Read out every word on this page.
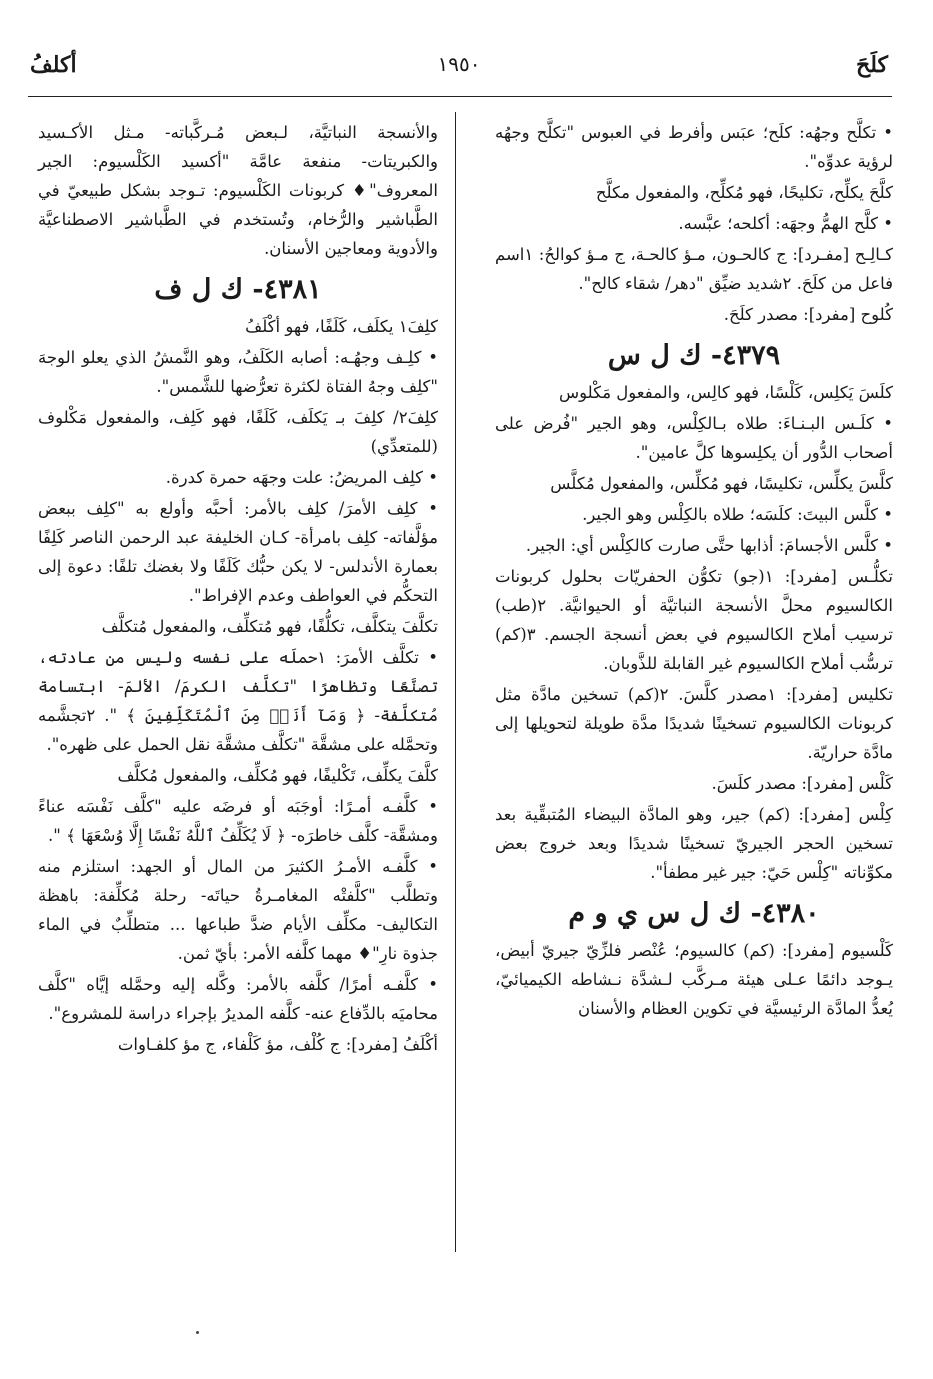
كلَحَ
١٩٥٠
أكلفُ
• تكلَّح وجهُه: كلَح؛ عبَس وأفرط في العبوس "تكلَّح وجهُه لرؤية عدوِّه".
كلَّحَ يكلِّح، تكليحًا، فهو مُكلِّح، والمفعول مكلَّح
• كلَّح الهمُّ وجهَه: أكلحه؛ عبَّسه.
كـالِـح [مفـرد]: ج كالحـون، مـؤ كالحـة، ج مـؤ كوالحُ: ١اسم فاعل من كلَحَ. ٢شديد ضيِّق "دهر/ شقاء كالح".
كُلوح [مفرد]: مصدر كلَحَ.
٤٣٧٩- ك ل س
كلَسَ يَكلِس، كَلْسًا، فهو كالِس، والمفعول مَكْلوس
• كلَـس البـنـاءَ: طلاه بـالكِلْس، وهو الجير "فُرض على أصحاب الدُّور أن يكلِسوها كلَّ عامين".
كلَّسَ يكلِّس، تكليسًا، فهو مُكلِّس، والمفعول مُكلَّس
• كلَّس البيتَ: كلَسَه؛ طلاه بالكِلْس وهو الجير.
• كلَّس الأجسامَ: أذابها حتَّى صارت كالكِلْس أي: الجير.
تكلُّـس [مفرد]: ١(جو) تكوُّن الحفريّات بحلول كربونات الكالسيوم محلَّ الأنسجة النباتيَّة أو الحيوانيَّة. ٢(طب) ترسيب أملاح الكالسيوم في بعض أنسجة الجسم. ٣(كم) ترسُّب أملاح الكالسيوم غير القابلة للذَّوبان.
تكليس [مفرد]: ١مصدر كلَّسَ. ٢(كم) تسخين مادَّة مثل كربونات الكالسيوم تسخينًا شديدًا مدَّة طويلة لتحويلها إلى مادَّة حراريّة.
كَلْس [مفرد]: مصدر كلَسَ.
كِلْس [مفرد]: (كم) جير، وهو المادَّة البيضاء المُتبقِّية بعد تسخين الحجر الجيريّ تسخينًا شديدًا وبعد خروج بعض مكوِّناته "كِلْس حَيّ: جير غير مطفأ".
٤٣٨٠- ك ل س ي و م
كَلْسيوم [مفرد]: (كم) كالسيوم؛ عُنْصر فلزِّيّ جيريّ أبيض، يـوجد دائمًا عـلى هيئة مـركَّب لـشدَّة نـشاطه الكيميائيّ، يُعدُّ المادَّة الرئيسيَّة في تكوين العظام والأسنان
والأنسجة النباتيَّة، لـبعض مُـركَّباته- مـثل الأكـسيد والكبريتات- منفعة عامَّة "أكسيد الكَلْسيوم: الجير المعروف"♦ كربونات الكَلْسيوم: تـوجد بشكل طبيعيّ في الطَّباشير والرُّخام، وتُستخدم في الطَّباشير الاصطناعيَّة والأدوية ومعاجين الأسنان.
٤٣٨١- ك ل ف
كلِفَ١ يكلَف، كَلَفًا، فهو أكْلَفُ
• كلِـف وجهُـه: أصابه الكَلَفُ، وهو النَّمشُ الذي يعلو الوجهَ "كلِف وجهُ الفتاة لكثرة تعرُّضها للشَّمس".
كلِفَ٢/ كلِفَ بـ يَكلَف، كَلَفًا، فهو كَلِف، والمفعول مَكْلوف (للمتعدِّي)
• كلِف المريضُ: علت وجهَه حمرة كدرة.
• كلِف الأمرَ/ كلِف بالأمر: أحبَّه وأولع به "كلِف ببعض مؤلَّفاته- كلِف بامرأة- كـان الخليفة عبد الرحمن الناصر كَلِفًا بعمارة الأندلس- لا يكن حبُّك كَلَفًا ولا بغضك تلفًا: دعوة إلى التحكُّم في العواطف وعدم الإفراط".
تكلَّفَ يتكلَّف، تكلُّفًا، فهو مُتكلِّف، والمفعول مُتكلَّف
• تكلَّف الأمرَ: ١حملَه على نفسه وليس من عادته، تصنَّعًا وتظاهرًا "تكلَّف الكرمَ/ الألمَ- ابتسامة مُتكلَّفة- ﴿ وَمَآ أَنَا۠ مِنَ ٱلْمُتَكَلِّفِينَ ﴾ ". ٢تجشَّمه وتحمَّله على مشقَّة "تكلَّف مشقَّة نقل الحمل على ظهره".
كلَّفَ يكلِّف، تَكْليفًا، فهو مُكلِّف، والمفعول مُكلَّف
• كلَّفـه أمـرًا: أوجَبَه أو فرضَه عليه "كلَّف نَفْسَه عناءً ومشقَّة- كلَّف خاطرَه- ﴿ لَا يُكَلِّفُ ٱللَّهُ نَفْسًا إِلَّا وُسْعَهَا ﴾ ".
• كلَّفـه الأمـرُ الكثيرَ من المال أو الجهد: استلزم منه وتطلَّب "كلَّفتْه المغامـرةُ حياتَه- رحلة مُكلِّفة: باهظة التكاليف- مكلِّف الأيام ضدَّ طباعها ... متطلِّبٌ في الماء جذوة نارِ"♦ مهما كلَّفه الأمر: بأيّ ثمن.
• كلَّفـه أمرًا/ كلَّفه بالأمر: وكَّله إليه وحمَّله إيَّاه "كلَّف محاميَه بالدِّفاع عنه- كلَّفه المديرُ بإجراء دراسة للمشروع".
أكْلَفُ [مفرد]: ج كُلْف، مؤ كَلْفاء، ج مؤ كلفـاوات
